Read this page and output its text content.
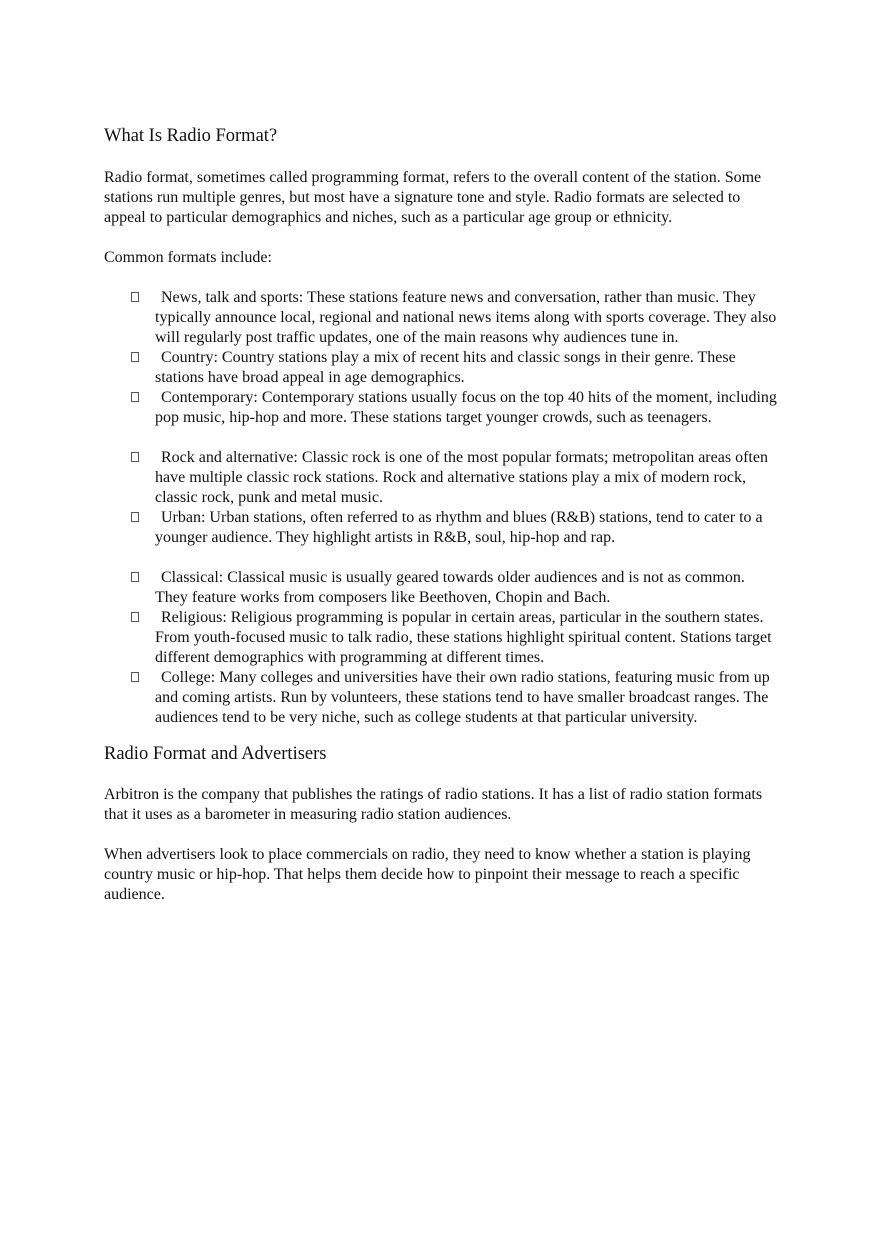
What Is Radio Format?

Radio format, sometimes called programming format, refers to the overall content of the station. Some stations run multiple genres, but most have a signature tone and style. Radio formats are selected to appeal to particular demographics and niches, such as a particular age group or ethnicity.

Common formats include:

News, talk and sports: These stations feature news and conversation, rather than music. They typically announce local, regional and national news items along with sports coverage. They also will regularly post traffic updates, one of the main reasons why audiences tune in.
Country: Country stations play a mix of recent hits and classic songs in their genre. These stations have broad appeal in age demographics.
Contemporary: Contemporary stations usually focus on the top 40 hits of the moment, including pop music, hip-hop and more. These stations target younger crowds, such as teenagers.
Rock and alternative: Classic rock is one of the most popular formats; metropolitan areas often have multiple classic rock stations. Rock and alternative stations play a mix of modern rock, classic rock, punk and metal music.
Urban: Urban stations, often referred to as rhythm and blues (R&B) stations, tend to cater to a younger audience. They highlight artists in R&B, soul, hip-hop and rap.
Classical: Classical music is usually geared towards older audiences and is not as common. They feature works from composers like Beethoven, Chopin and Bach.
Religious: Religious programming is popular in certain areas, particular in the southern states. From youth-focused music to talk radio, these stations highlight spiritual content. Stations target different demographics with programming at different times.
College: Many colleges and universities have their own radio stations, featuring music from up and coming artists. Run by volunteers, these stations tend to have smaller broadcast ranges. The audiences tend to be very niche, such as college students at that particular university.
Radio Format and Advertisers

Arbitron is the company that publishes the ratings of radio stations. It has a list of radio station formats that it uses as a barometer in measuring radio station audiences.

When advertisers look to place commercials on radio, they need to know whether a station is playing country music or hip-hop. That helps them decide how to pinpoint their message to reach a specific audience.
